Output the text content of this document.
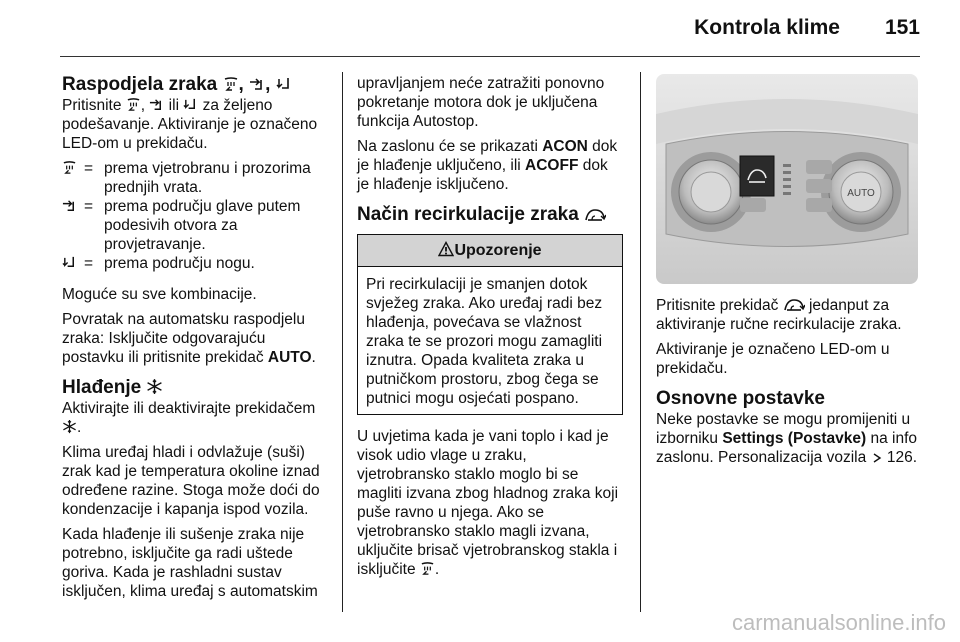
Kontrola klime 151
Raspodjela zraka , ,

Pritisnite ,  ili  za željeno podešavanje. Aktiviranje je označeno LED-om u prekidaču.

= prema vjetrobranu i prozorima prednjih vrata.
= prema području glave putem podesivih otvora za provjetravanje.
= prema području nogu.

Moguće su sve kombinacije.

Povratak na automatsku raspodjelu zraka: Isključite odgovarajuću postavku ili pritisnite prekidač AUTO.

Hlađenje

Aktivirajte ili deaktivirajte prekidačem .

Klima uređaj hladi i odvlažuje (suši) zrak kad je temperatura okoline iznad određene razine. Stoga može doći do kondenzacije i kapanja ispod vozila.

Kada hlađenje ili sušenje zraka nije potrebno, isključite ga radi uštede goriva. Kada je rashladni sustav isključen, klima uređaj s automatskim

upravljanjem neće zatražiti ponovno pokretanje motora dok je uključena funkcija Autostop.

Na zaslonu će se prikazati ACON dok je hlađenje uključeno, ili ACOFF dok je hlađenje isključeno.

Način recirkulacije zraka
Upozorenje
Pri recirkulaciji je smanjen dotok svježeg zraka. Ako uređaj radi bez hlađenja, povećava se vlažnost zraka te se prozori mogu zamagliti iznutra. Opada kvaliteta zraka u putničkom prostoru, zbog čega se putnici mogu osjećati pospano.

U uvjetima kada je vani toplo i kad je visok udio vlage u zraku, vjetrobransko staklo moglo bi se magliti izvana zbog hladnog zraka koji puše ravno u njega. Ako se vjetrobransko staklo magli izvana, uključite brisač vjetrobranskog stakla i isključite .

AUTO

Pritisnite prekidač  jedanput za aktiviranje ručne recirkulacije zraka.

Aktiviranje je označeno LED-om u prekidaču.

Osnovne postavke

Neke postavke se mogu promijeniti u izborniku Settings (Postavke) na info zaslonu. Personalizacija vozila  126.

carmanualsonline.info
